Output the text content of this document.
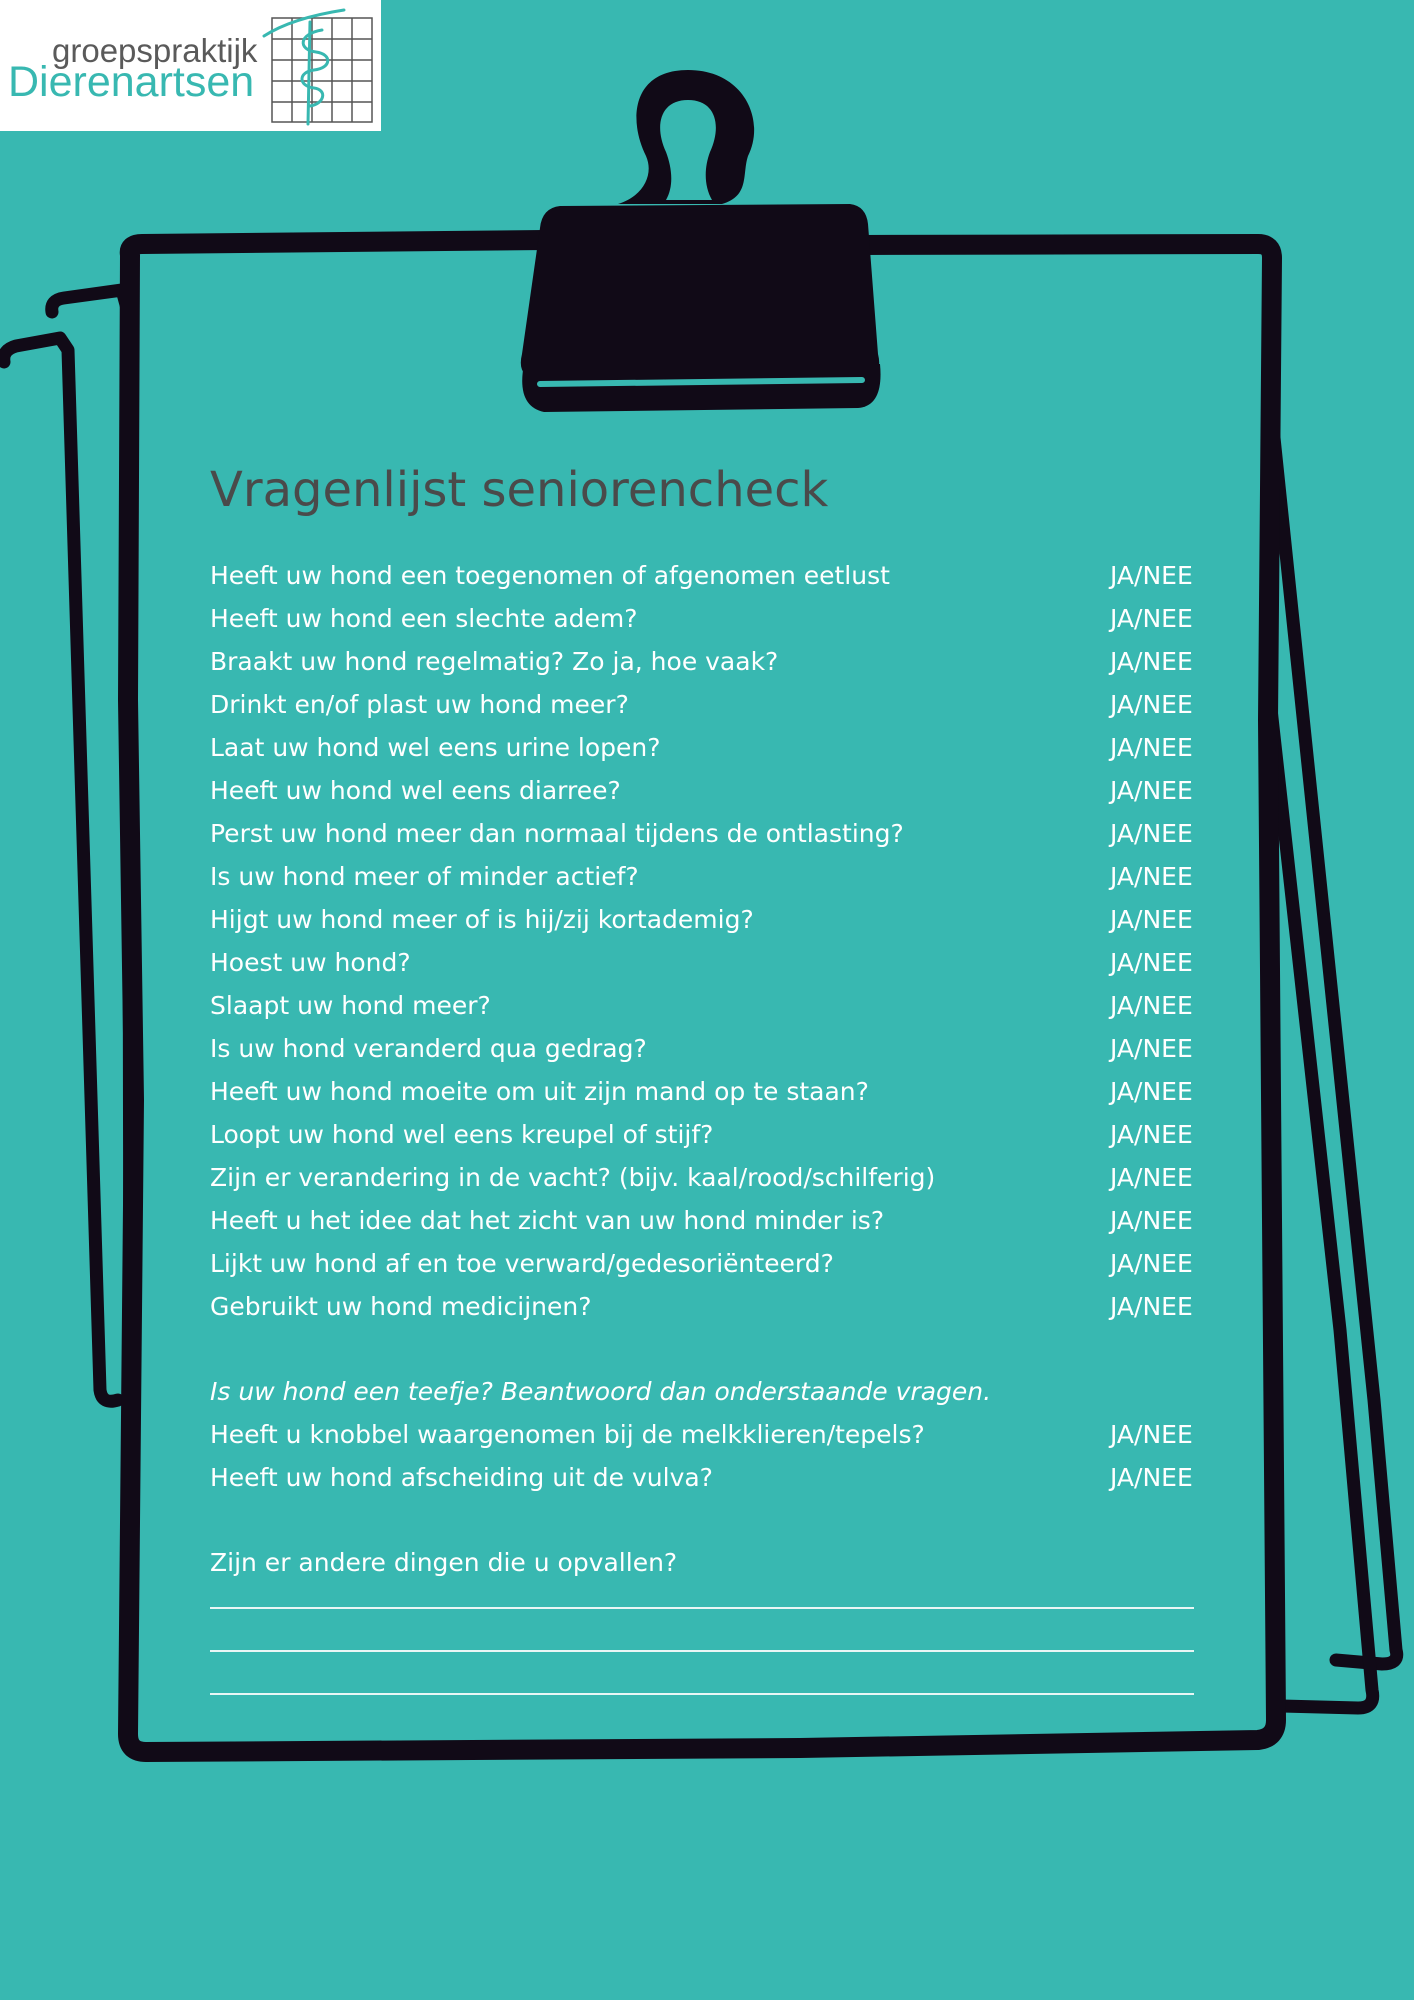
groepspraktijk
Dierenartsen
Vragenlijst seniorencheck
Heeft uw hond een toegenomen of afgenomen eetlust	JA/NEE
Heeft uw hond een slechte adem?	JA/NEE
Braakt uw hond regelmatig? Zo ja, hoe vaak?	JA/NEE
Drinkt en/of plast uw hond meer?	JA/NEE
Laat uw hond wel eens urine lopen?	JA/NEE
Heeft uw hond wel eens diarree?	JA/NEE
Perst uw hond meer dan normaal tijdens de ontlasting?	JA/NEE
Is uw hond meer of minder actief?	JA/NEE
Hijgt uw hond meer of is hij/zij kortademig?	JA/NEE
Hoest uw hond?	JA/NEE
Slaapt uw hond meer?	JA/NEE
Is uw hond veranderd qua gedrag?	JA/NEE
Heeft uw hond moeite om uit zijn mand op te staan?	JA/NEE
Loopt uw hond wel eens kreupel of stijf?	JA/NEE
Zijn er verandering in de vacht? (bijv. kaal/rood/schilferig)	JA/NEE
Heeft u het idee dat het zicht van uw hond minder is?	JA/NEE
Lijkt uw hond af en toe verward/gedesoriënteerd?	JA/NEE
Gebruikt uw hond medicijnen?	JA/NEE
Is uw hond een teefje? Beantwoord dan onderstaande vragen.
Heeft u knobbel waargenomen bij de melkklieren/tepels?	JA/NEE
Heeft uw hond afscheiding uit de vulva?	JA/NEE
Zijn er andere dingen die u opvallen?
